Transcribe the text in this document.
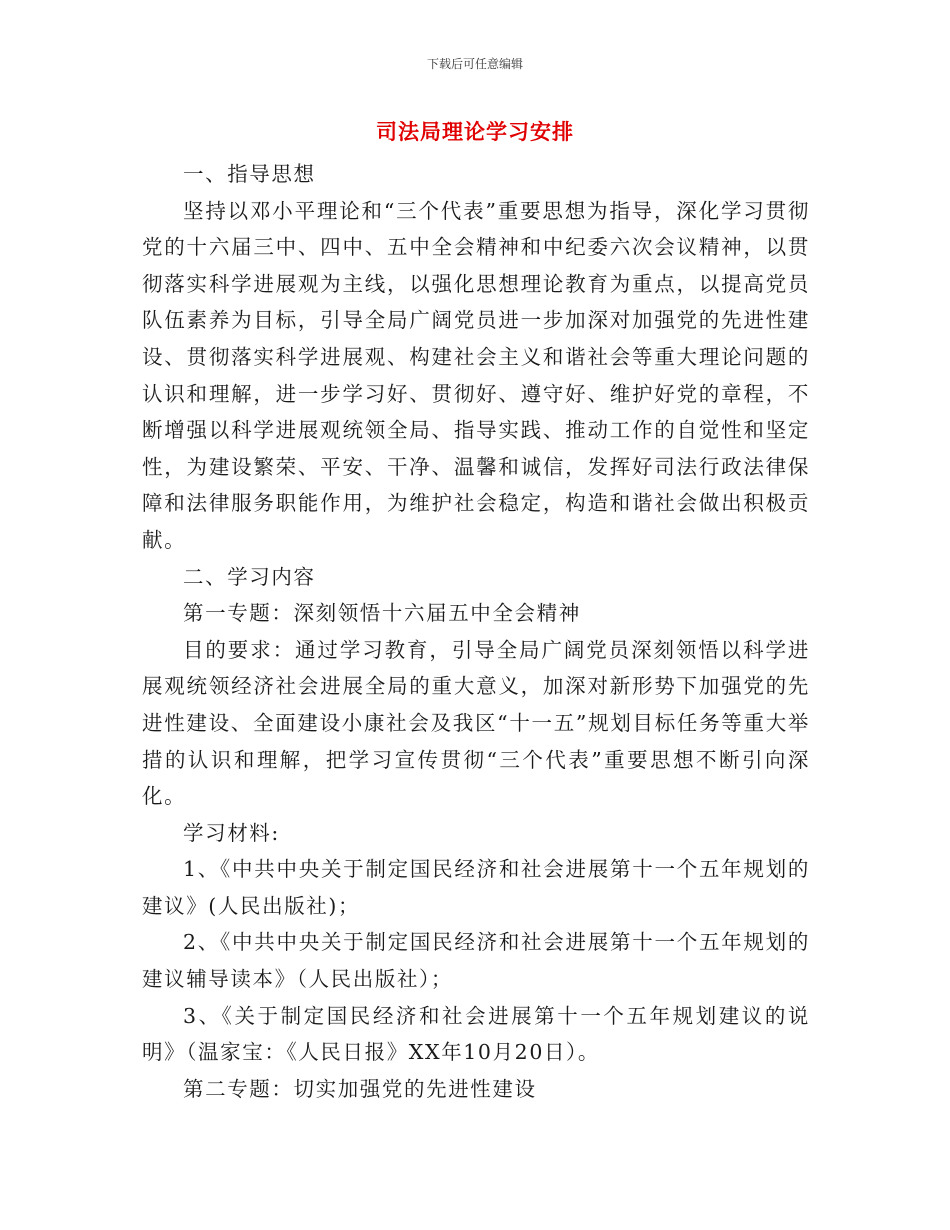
下载后可任意编辑
司法局理论学习安排

一、指导思想

坚持以邓小平理论和“三个代表”重要思想为指导，深化学习贯彻党的十六届三中、四中、五中全会精神和中纪委六次会议精神，以贯彻落实科学进展观为主线，以强化思想理论教育为重点，以提高党员队伍素养为目标，引导全局广阔党员进一步加深对加强党的先进性建设、贯彻落实科学进展观、构建社会主义和谐社会等重大理论问题的认识和理解，进一步学习好、贯彻好、遵守好、维护好党的章程，不断增强以科学进展观统领全局、指导实践、推动工作的自觉性和坚定性，为建设繁荣、平安、干净、温馨和诚信，发挥好司法行政法律保障和法律服务职能作用，为维护社会稳定，构造和谐社会做出积极贡献。

二、学习内容

第一专题：深刻领悟十六届五中全会精神

目的要求：通过学习教育，引导全局广阔党员深刻领悟以科学进展观统领经济社会进展全局的重大意义，加深对新形势下加强党的先进性建设、全面建设小康社会及我区“十一五”规划目标任务等重大举措的认识和理解，把学习宣传贯彻“三个代表”重要思想不断引向深化。

学习材料:

1、《中共中央关于制定国民经济和社会进展第十一个五年规划的建议》(人民出版社)；

2、《中共中央关于制定国民经济和社会进展第十一个五年规划的建议辅导读本》（人民出版社）；

3、《关于制定国民经济和社会进展第十一个五年规划建议的说明》（温家宝：《人民日报》XX年10月20日）。

第二专题：切实加强党的先进性建设
